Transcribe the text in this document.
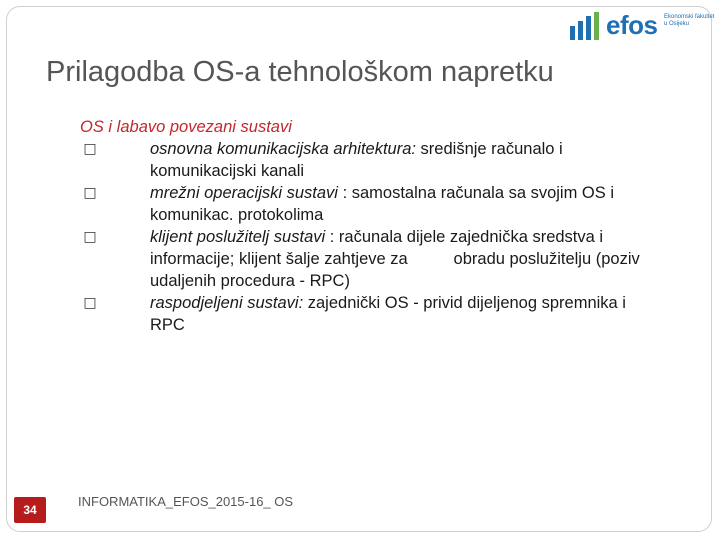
efos Ekonomski fakultet u Osijeku
Prilagodba OS-a tehnološkom napretku
OS i labavo povezani sustavi
□	osnovna komunikacijska arhitektura: središnje računalo i komunikacijski kanali
□	mrežni operacijski sustavi : samostalna računala sa svojim OS i komunikac. protokolima
□	klijent poslužitelj sustavi : računala dijele zajednička sredstva i informacije; klijent šalje zahtjeve za          obradu poslužitelju (poziv udaljenih procedura - RPC)
□	raspodjeljeni sustavi: zajednički OS - privid dijeljenog spremnika i RPC
34
INFORMATIKA_EFOS_2015-16_ OS
